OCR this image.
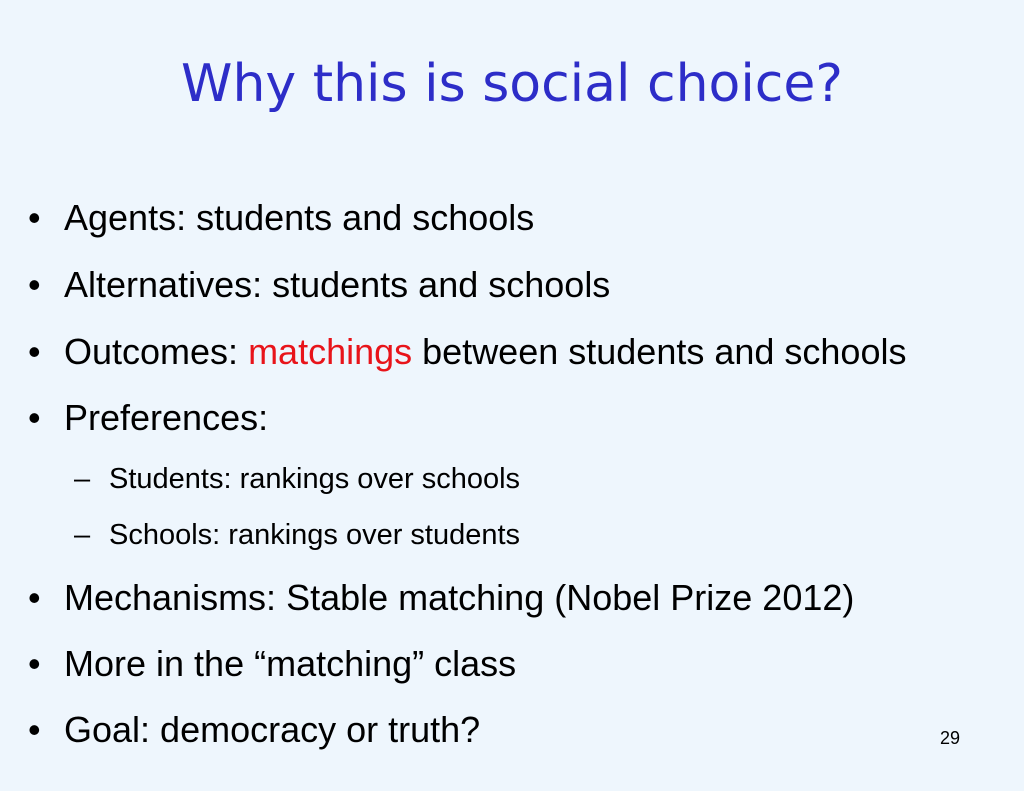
Why this is social choice?
• Agents: students and schools
• Alternatives: students and schools
• Outcomes: matchings between students and schools
• Preferences:
– Students: rankings over schools
– Schools: rankings over students
• Mechanisms: Stable matching (Nobel Prize 2012)
• More in the “matching” class
• Goal: democracy or truth?	29
